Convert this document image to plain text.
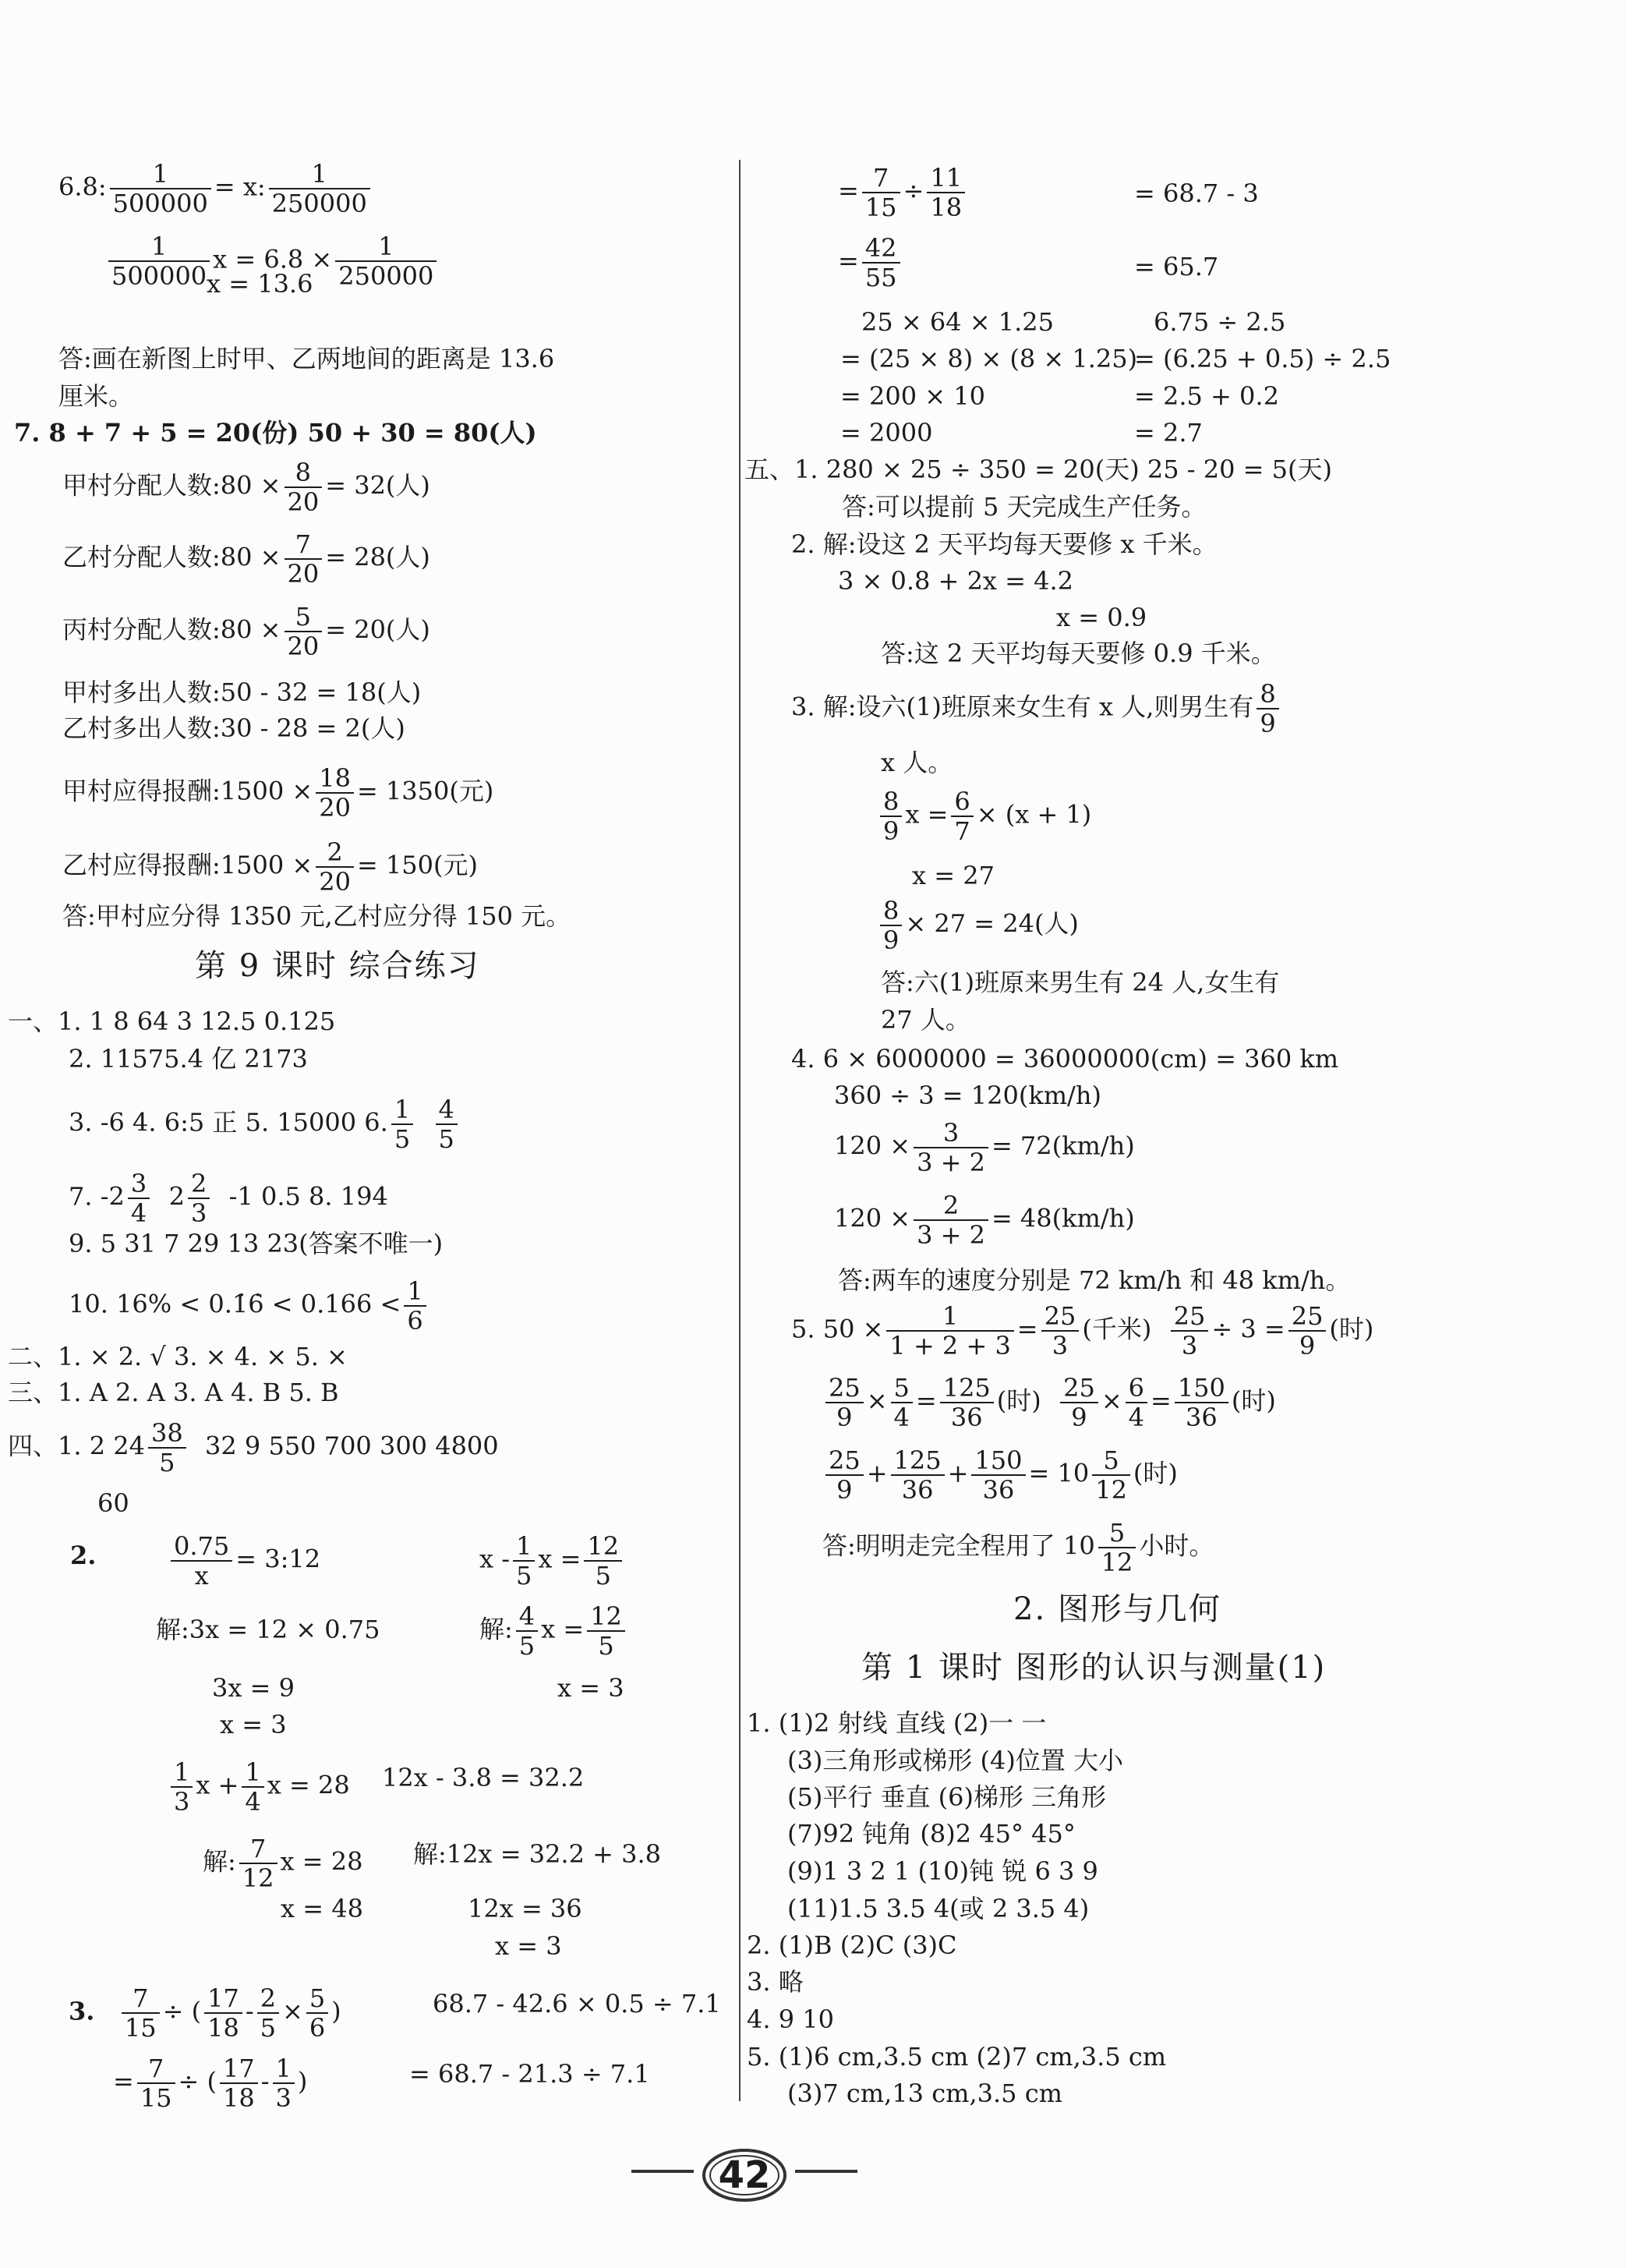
6.8: $\frac{1}{500000} = x$: $\frac{1}{250000}$
$\frac{1}{500000}$ $x = 6.8 \times \frac{1}{250000}$
x = 13.6
答:画在新图上时甲、乙两地间的距离是 13.6
厘米。
7. 8 + 7 + 5 = 20(份) 50 + 30 = 80(人)
甲村分配人数:80 × $\frac{8}{20} = 32$(人)
乙村分配人数:80 × $\frac{7}{20} = 28$(人)
丙村分配人数:80 × $\frac{5}{20} = 20$(人)
甲村多出人数:50 - 32 = 18(人)
乙村多出人数:30 - 28 = 2(人)
甲村应得报酬:1500 × $\frac{18}{20} = 1350$(元)
乙村应得报酬:1500 × $\frac{2}{20} = 150$(元)
答:甲村应分得 1350 元,乙村应分得 150 元。
第 9 课时 综合练习
一、1. 1 8 64 3 12.5 0.125
2. 11575.4 亿 2173
3. -6 4. 6:5 正 5. 15000 6. $\frac{1}{5}$
$\frac{4}{5}$
7. $-2 \frac{3}{4} 2 \frac{2}{3} -1$ 0.5 8. 194
9. 5 31 7 29 13 23(答案不唯一)
10. 16% < 0.1̇6̇ < $0.166 < \frac{1}{6}$
二、1. × 2. √ 3. × 4. × 5. ×
三、1. A 2. A 3. A 4. B 5. B
四、1. 2 $24 \frac{38}{5} 32$ 9 550 700 300 4800
60
2.	$\frac{0.75}{x}$ = 3:12	x - $\frac{1}{5}$ $x = \frac{12}{5}$
解:3x = 12 × 0.75	解: $\frac{4}{5}$ $x = \frac{12}{5}$
3x = 9	x = 3
x = 3
$\frac{1}{3}$ $x + \frac{1}{4}$ x = 28 12x - 3.8 = 32.2
解: $\frac{7}{12}$ x = 28 解:12x = 32.2 + 3.8
x = 48	12x = 36
x = 3
3. $\frac{7}{15}$ ÷ ( $\frac{17}{18} - \frac{2}{5} \times \frac{5}{6}$ )	68.7 - 42.6 × 0.5 ÷ 7.1
= $\frac{7}{15}$ ÷ ( $\frac{17}{18} - \frac{1}{3}$ )	= 68.7 - 21.3 ÷ 7.1
= $\frac{7}{15} \div \frac{11}{18}$	= 68.7 - 3
= $\frac{42}{55}$	= 65.7
25 × 64 × 1.25	6.75 ÷ 2.5
= (25 × 8) × (8 × 1.25)
= (6.25 + 0.5) ÷ 2.5
= 200 × 10	= 2.5 + 0.2
= 2000	= 2.7
五、1. 280 × 25 ÷ 350 = 20(天) 25 - 20 = 5(天)
答:可以提前 5 天完成生产任务。
2. 解:设这 2 天平均每天要修 x 千米。
3 × 0.8 + 2x = 4.2
x = 0.9
答:这 2 天平均每天要修 0.9 千米。
3. 解:设六(1)班原来女生有 x 人,则男生有 $\frac{8}{9}$
x 人。
$\frac{8}{9}$ $x = \frac{6}{7} \times (x + 1)$
x = 27
$\frac{8}{9} \times 27 = 24$(人)
答:六(1)班原来男生有 24 人,女生有
27 人。
4. 6 × 6000000 = 36000000(cm) = 360 km
360 ÷ 3 = 120(km/h)
$120 \times \frac{3}{3 + 2} = 72(km/h)$
$120 \times \frac{2}{3 + 2} = 48(km/h)$
答:两车的速度分别是 72 km/h 和 48 km/h。
5. $50 \times \frac{1}{1 + 2 + 3} = \frac{25}{3}$ (千米) $\frac{25}{3} \div 3 = \frac{25}{9}$ (时)
$\frac{25}{9} \times \frac{5}{4} = \frac{125}{36}$ (时) $\frac{25}{9} \times \frac{6}{4} = \frac{150}{36}$ (时)
$\frac{25}{9} + \frac{125}{36} + \frac{150}{36} = 10 \frac{5}{12}$ (时)
答:明明走完全程用了 $10 \frac{5}{12}$ 小时。
2. 图形与几何
第 1 课时 图形的认识与测量(1)
1. (1)2 射线 直线 (2)一 一
(3)三角形或梯形 (4)位置 大小
(5)平行 垂直 (6)梯形 三角形
(7)92 钝角 (8)2 45° 45°
(9)1 3 2 1 (10)钝 锐 6 3 9
(11)1.5 3.5 4(或 2 3.5 4)
2. (1)B (2)C (3)C
3. 略
4. 9 10
5. (1)6 cm,3.5 cm (2)7 cm,3.5 cm
(3)7 cm,13 cm,3.5 cm
42
